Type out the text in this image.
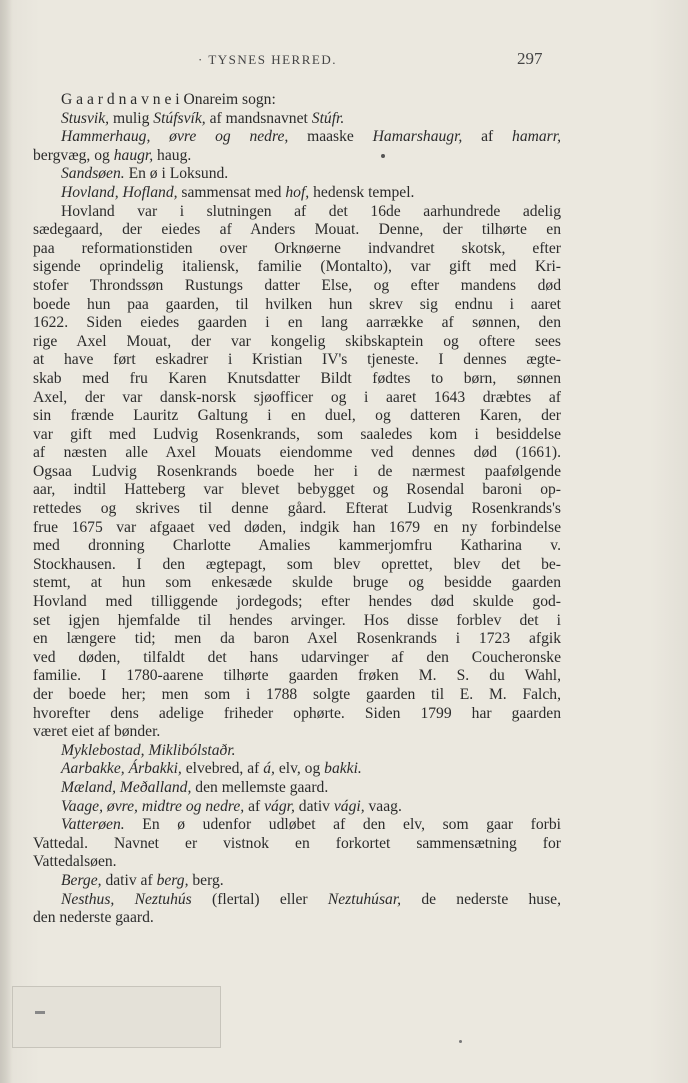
· TYSNES HERRED.	297
G a a r d n a v n e i Onareim sogn:
Stusvik, mulig Stúfsvík, af mandsnavnet Stúfr.
Hammerhaug, øvre og nedre, maaske Hamarshaugr, af hamarr,
bergvæg, og haugr, haug.
Sandsøen. En ø i Loksund.
Hovland, Hofland, sammensat med hof, hedensk tempel.
Hovland var i slutningen af det 16de aarhundrede adelig
sædegaard, der eiedes af Anders Mouat. Denne, der tilhørte en
paa reformationstiden over Orknøerne indvandret skotsk, efter
sigende oprindelig italiensk, familie (Montalto), var gift med Kri-
stofer Throndssøn Rustungs datter Else, og efter mandens død
boede hun paa gaarden, til hvilken hun skrev sig endnu i aaret
1622. Siden eiedes gaarden i en lang aarrække af sønnen, den
rige Axel Mouat, der var kongelig skibskaptein og oftere sees
at have ført eskadrer i Kristian IV's tjeneste. I dennes ægte-
skab med fru Karen Knutsdatter Bildt fødtes to børn, sønnen
Axel, der var dansk-norsk sjøofficer og i aaret 1643 dræbtes af
sin frænde Lauritz Galtung i en duel, og datteren Karen, der
var gift med Ludvig Rosenkrands, som saaledes kom i besiddelse
af næsten alle Axel Mouats eiendomme ved dennes død (1661).
Ogsaa Ludvig Rosenkrands boede her i de nærmest paafølgende
aar, indtil Hatteberg var blevet bebygget og Rosendal baroni op-
rettedes og skrives til denne gåard. Efterat Ludvig Rosenkrands's
frue 1675 var afgaaet ved døden, indgik han 1679 en ny forbindelse
med dronning Charlotte Amalies kammerjomfru Katharina v.
Stockhausen. I den ægtepagt, som blev oprettet, blev det be-
stemt, at hun som enkesæde skulde bruge og besidde gaarden
Hovland med tilliggende jordegods; efter hendes død skulde god-
set igjen hjemfalde til hendes arvinger. Hos disse forblev det i
en længere tid; men da baron Axel Rosenkrands i 1723 afgik
ved døden, tilfaldt det hans udarvinger af den Coucheronske
familie. I 1780-aarene tilhørte gaarden frøken M. S. du Wahl,
der boede her; men som i 1788 solgte gaarden til E. M. Falch,
hvorefter dens adelige friheder ophørte. Siden 1799 har gaarden
været eiet af bønder.
Myklebostad, Miklibólstaðr.
Aarbakke, Árbakki, elvebred, af á, elv, og bakki.
Mæland, Meðalland, den mellemste gaard.
Vaage, øvre, midtre og nedre, af vágr, dativ vági, vaag.
Vatterøen. En ø udenfor udløbet af den elv, som gaar forbi
Vattedal. Navnet er vistnok en forkortet sammensætning for
Vattedalsøen.
Berge, dativ af berg, berg.
Nesthus, Neztuhús (flertal) eller Neztuhúsar, de nederste huse,
den nederste gaard.
